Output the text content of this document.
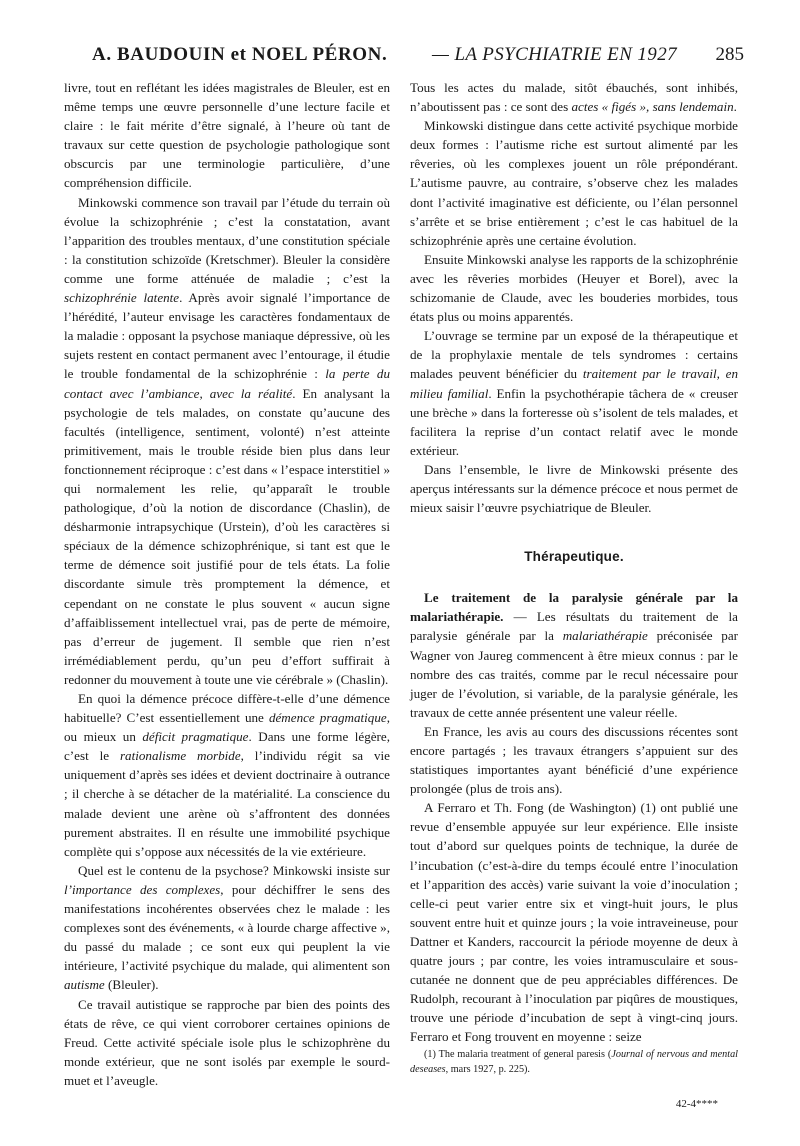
A. BAUDOUIN et NOEL PÉRON. — LA PSYCHIATRIE EN 1927 285

livre, tout en reflétant les idées magistrales de Bleuler, est en même temps une œuvre personnelle d’une lecture facile et claire : le fait mérite d’être signalé, à l’heure où tant de travaux sur cette question de psychologie pathologique sont obscurcis par une terminologie particulière, d’une compréhension difficile.

Minkowski commence son travail par l’étude du terrain où évolue la schizophrénie ; c’est la constatation, avant l’apparition des troubles mentaux, d’une constitution spéciale : la constitution schizoïde (Kretschmer). Bleuler la considère comme une forme atténuée de maladie ; c’est la schizophrénie latente. Après avoir signalé l’importance de l’hérédité, l’auteur envisage les caractères fondamentaux de la maladie : opposant la psychose maniaque dépressive, où les sujets restent en contact permanent avec l’entourage, il étudie le trouble fondamental de la schizophrénie : la perte du contact avec l’ambiance, avec la réalité. En analysant la psychologie de tels malades, on constate qu’aucune des facultés (intelligence, sentiment, volonté) n’est atteinte primitivement, mais le trouble réside bien plus dans leur fonctionnement réciproque : c’est dans « l’espace interstitiel » qui normalement les relie, qu’apparaît le trouble pathologique, d’où la notion de discordance (Chaslin), de désharmonie intrapsychique (Urstein), d’où les caractères si spéciaux de la démence schizophrénique, si tant est que le terme de démence soit justifié pour de tels états. La folie discordante simule très promptement la démence, et cependant on ne constate le plus souvent « aucun signe d’affaiblissement intellectuel vrai, pas de perte de mémoire, pas d’erreur de jugement. Il semble que rien n’est irrémédiablement perdu, qu’un peu d’effort suffirait à redonner du mouvement à toute une vie cérébrale » (Chaslin).

En quoi la démence précoce diffère-t-elle d’une démence habituelle? C’est essentiellement une démence pragmatique, ou mieux un déficit pragmatique. Dans une forme légère, c’est le rationalisme morbide, l’individu régit sa vie uniquement d’après ses idées et devient doctrinaire à outrance ; il cherche à se détacher de la matérialité. La conscience du malade devient une arène où s’affrontent des données purement abstraites. Il en résulte une immobilité psychique complète qui s’oppose aux nécessités de la vie extérieure.

Quel est le contenu de la psychose? Minkowski insiste sur l’importance des complexes, pour déchiffrer le sens des manifestations incohérentes observées chez le malade : les complexes sont des événements, « à lourde charge affective », du passé du malade ; ce sont eux qui peuplent la vie intérieure, l’activité psychique du malade, qui alimentent son autisme (Bleuler).

Ce travail autistique se rapproche par bien des points des états de rêve, ce qui vient corroborer certaines opinions de Freud. Cette activité spéciale isole plus le schizophrène du monde extérieur, que ne sont isolés par exemple le sourd-muet et l’aveugle.

Tous les actes du malade, sitôt ébauchés, sont inhibés, n’aboutissent pas : ce sont des actes « figés », sans lendemain.

Minkowski distingue dans cette activité psychique morbide deux formes : l’autisme riche est surtout alimenté par les rêveries, où les complexes jouent un rôle prépondérant. L’autisme pauvre, au contraire, s’observe chez les malades dont l’activité imaginative est déficiente, ou l’élan personnel s’arrête et se brise entièrement ; c’est le cas habituel de la schizophrénie après une certaine évolution.

Ensuite Minkowski analyse les rapports de la schizophrénie avec les rêveries morbides (Heuyer et Borel), avec la schizomanie de Claude, avec les bouderies morbides, tous états plus ou moins apparentés.

L’ouvrage se termine par un exposé de la thérapeutique et de la prophylaxie mentale de tels syndromes : certains malades peuvent bénéficier du traitement par le travail, en milieu familial. Enfin la psychothérapie tâchera de « creuser une brèche » dans la forteresse où s’isolent de tels malades, et facilitera la reprise d’un contact relatif avec le monde extérieur.

Dans l’ensemble, le livre de Minkowski présente des aperçus intéressants sur la démence précoce et nous permet de mieux saisir l’œuvre psychiatrique de Bleuler.

Thérapeutique.

Le traitement de la paralysie générale par la malariathérapie. — Les résultats du traitement de la paralysie générale par la malariathérapie préconisée par Wagner von Jaureg commencent à être mieux connus : par le nombre des cas traités, comme par le recul nécessaire pour juger de l’évolution, si variable, de la paralysie générale, les travaux de cette année présentent une valeur réelle.

En France, les avis au cours des discussions récentes sont encore partagés ; les travaux étrangers s’appuient sur des statistiques importantes ayant bénéficié d’une expérience prolongée (plus de trois ans).

A Ferraro et Th. Fong (de Washington) (1) ont publié une revue d’ensemble appuyée sur leur expérience. Elle insiste tout d’abord sur quelques points de technique, la durée de l’incubation (c’est-à-dire du temps écoulé entre l’inoculation et l’apparition des accès) varie suivant la voie d’inoculation ; celle-ci peut varier entre six et vingt-huit jours, le plus souvent entre huit et quinze jours ; la voie intraveineuse, pour Dattner et Kanders, raccourcit la période moyenne de deux à quatre jours ; par contre, les voies intramusculaire et sous-cutanée ne donnent que de peu appréciables différences. De Rudolph, recourant à l’inoculation par piqûres de moustiques, trouve une période d’incubation de sept à vingt-cinq jours. Ferraro et Fong trouvent en moyenne : seize

(1) The malaria treatment of general paresis (Journal of nervous and mental deseases, mars 1927, p. 225).

42-4****
